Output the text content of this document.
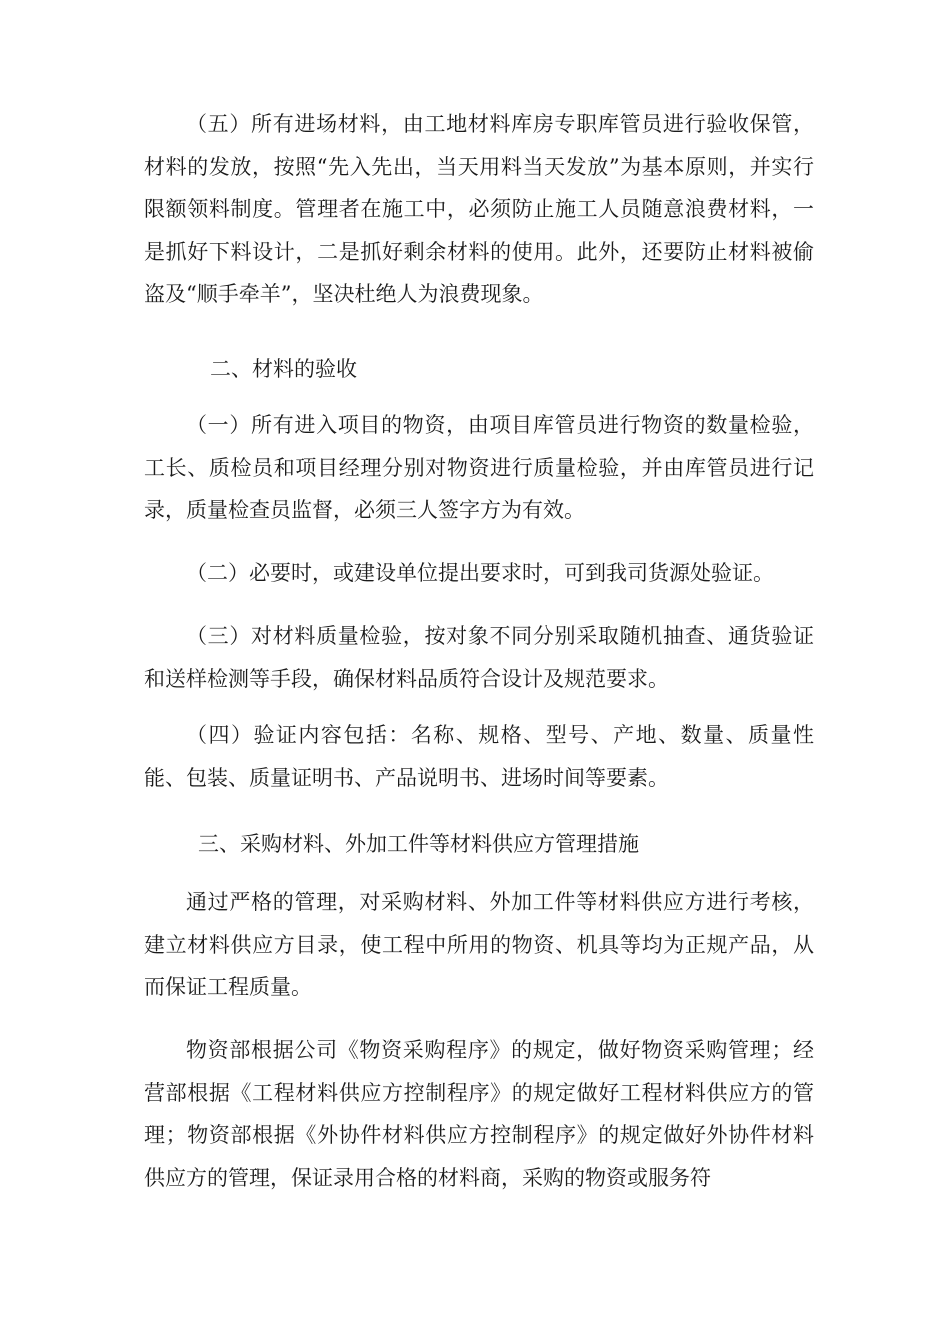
（五）所有进场材料，由工地材料库房专职库管员进行验收保管，材料的发放，按照“先入先出，当天用料当天发放”为基本原则，并实行限额领料制度。管理者在施工中，必须防止施工人员随意浪费材料，一是抓好下料设计，二是抓好剩余材料的使用。此外，还要防止材料被偷盗及“顺手牵羊”，坚决杜绝人为浪费现象。

二、材料的验收

（一）所有进入项目的物资，由项目库管员进行物资的数量检验，工长、质检员和项目经理分别对物资进行质量检验，并由库管员进行记录，质量检查员监督，必须三人签字方为有效。

（二）必要时，或建设单位提出要求时，可到我司货源处验证。

（三）对材料质量检验，按对象不同分别采取随机抽查、通货验证和送样检测等手段，确保材料品质符合设计及规范要求。

（四）验证内容包括：名称、规格、型号、产地、数量、质量性能、包装、质量证明书、产品说明书、进场时间等要素。

三、采购材料、外加工件等材料供应方管理措施

通过严格的管理，对采购材料、外加工件等材料供应方进行考核，建立材料供应方目录，使工程中所用的物资、机具等均为正规产品，从而保证工程质量。

物资部根据公司《物资采购程序》的规定，做好物资采购管理；经营部根据《工程材料供应方控制程序》的规定做好工程材料供应方的管理；物资部根据《外协件材料供应方控制程序》的规定做好外协件材料供应方的管理，保证录用合格的材料商，采购的物资或服务符
